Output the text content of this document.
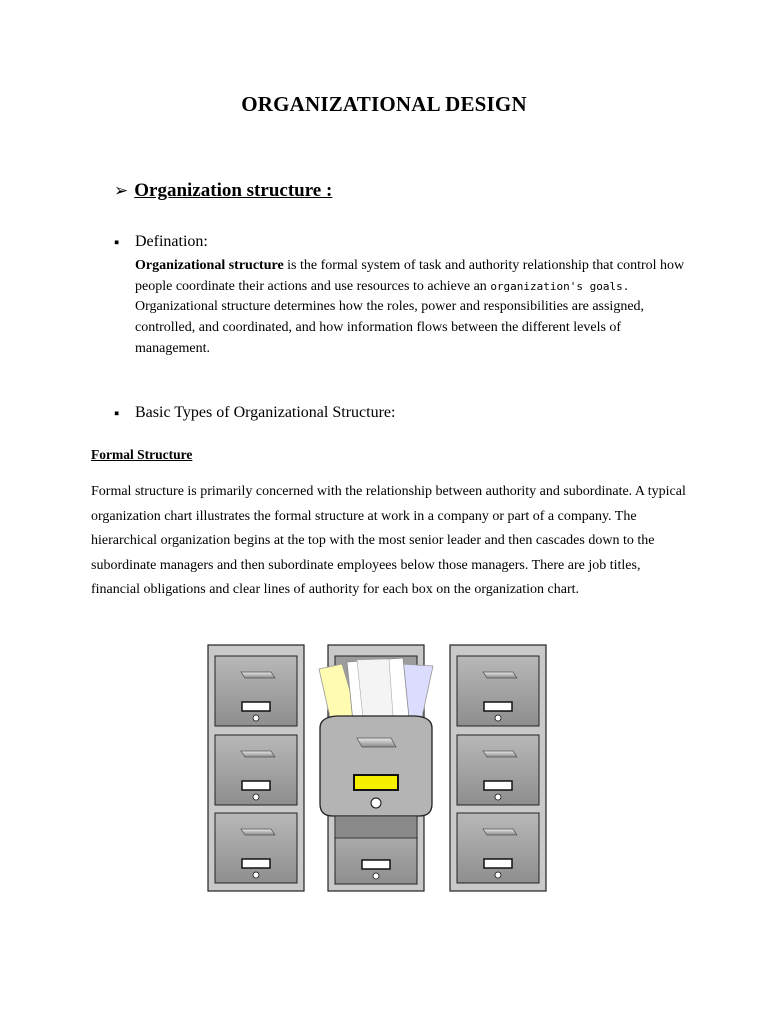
ORGANIZATIONAL DESIGN
➢ Organization structure :
▪ Defination:
Organizational structure is the formal system of task and authority relationship that control how people coordinate their actions and use resources to achieve an organization's goals.
Organizational structure determines how the roles, power and responsibilities are assigned, controlled, and coordinated, and how information flows between the different levels of management.
▪ Basic Types of Organizational Structure:
Formal Structure
Formal structure is primarily concerned with the relationship between authority and subordinate. A typical organization chart illustrates the formal structure at work in a company or part of a company. The hierarchical organization begins at the top with the most senior leader and then cascades down to the subordinate managers and then subordinate employees below those managers. There are job titles, financial obligations and clear lines of authority for each box on the organization chart.
